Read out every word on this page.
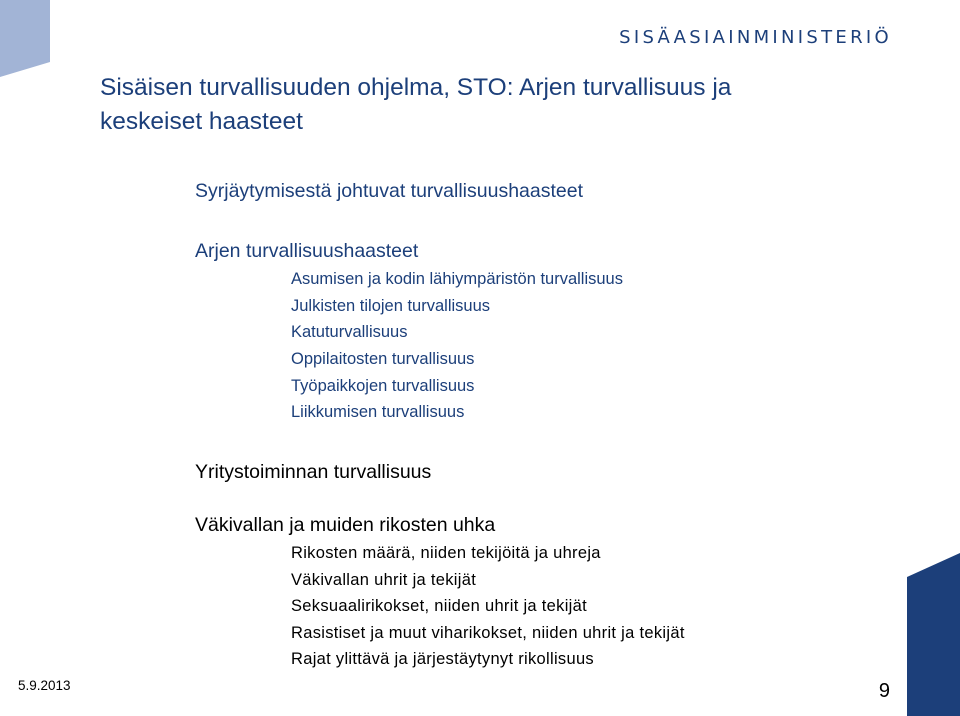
SISÄASIAINMINISTERIÖ
Sisäisen turvallisuuden ohjelma, STO: Arjen turvallisuus ja
keskeiset haasteet
Syrjäytymisestä johtuvat turvallisuushaasteet
Arjen turvallisuushaasteet
Asumisen ja kodin lähiympäristön turvallisuus
Julkisten tilojen turvallisuus
Katuturvallisuus
Oppilaitosten turvallisuus
Työpaikkojen turvallisuus
Liikkumisen turvallisuus
Yritystoiminnan turvallisuus
Väkivallan ja muiden rikosten uhka
Rikosten määrä, niiden tekijöitä ja uhreja
Väkivallan uhrit ja tekijät
Seksuaalirikokset, niiden uhrit ja tekijät
Rasistiset ja muut viharikokset, niiden uhrit ja tekijät
Rajat ylittävä ja järjestäytynyt rikollisuus
5.9.2013	9
